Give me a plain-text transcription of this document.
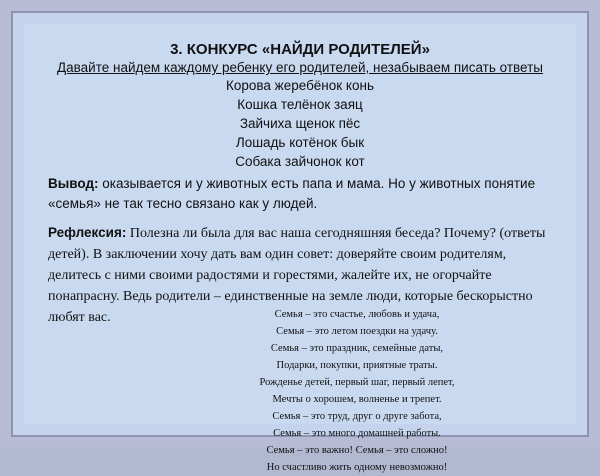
3. КОНКУРС «НАЙДИ РОДИТЕЛЕЙ»
Давайте найдем каждому ребенку его родителей, незабываем писать ответы
Корова жеребёнок конь
Кошка телёнок заяц
Зайчиха щенок пёс
Лошадь котёнок бык
Собака зайчонок кот
Вывод: оказывается и у животных есть папа и мама. Но у животных понятие «семья» не так тесно связано как у людей.
Рефлексия: Полезна ли была для вас наша сегодняшняя беседа? Почему? (ответы детей). В заключении хочу дать вам один совет: доверяйте своим родителям, делитесь с ними своими радостями и горестями, жалейте их, не огорчайте понапрасну. Ведь родители – единственные на земле люди, которые бескорыстно любят вас.	Семья – это счастье, любовь и удача,
Семья – это летом поездки на удачу.
Семья – это праздник, семейные даты,
Подарки, покупки, приятные траты.
Рожденье детей, первый шаг, первый лепет,
Мечты о хорошем, волненье и трепет.
Семья – это труд, друг о друге забота,
Семья – это много домашней работы.
Семья – это важно! Семья – это сложно!
Но счастливо жить одному невозможно!
